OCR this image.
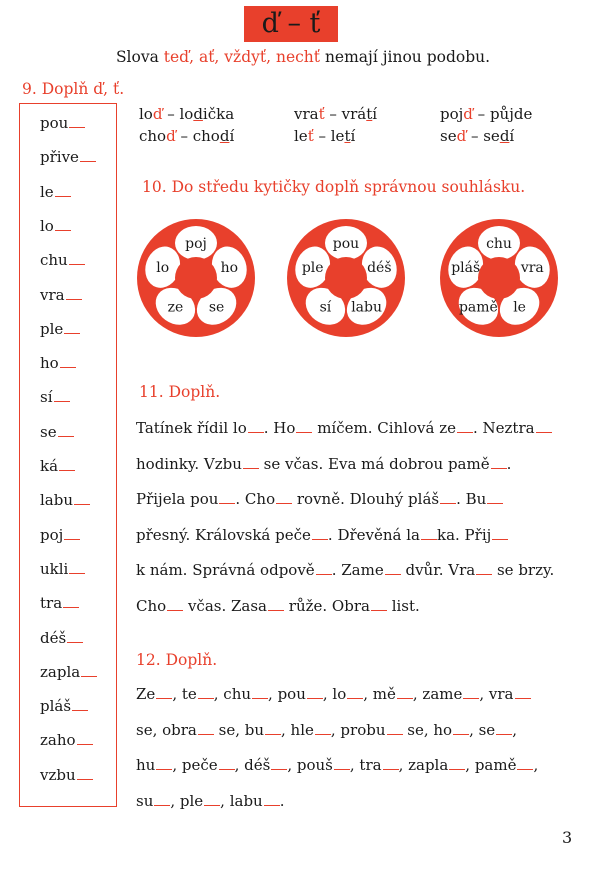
ď – ť
Slova teď, ať, vždyť, nechť nemají jinou podobu.
9. Doplň ď, ť.
pou
přive
le
lo
chu
vra
ple
ho
sí
se
ká
labu
poj
ukli
tra
déš
zapla
pláš
zaho
vzbu
loď – lodička
choď – chodí
vrať – vrátí
leť – letí
pojď – půjde
seď – sedí
10. Do středu kytičky doplň správnou souhlásku.
poj
ho
se
ze
lo
pou
déš
labu
sí
ple
chu
vra
le
pamě
pláš
11. Doplň.

Tatínek řídil lo . Ho míčem. Cihlová ze . Neztra

hodinky. Vzbu se včas. Eva má dobrou pamě .

Přijela pou . Cho rovně. Dlouhý pláš . Bu

přesný. Královská peče . Dřevěná la ka. Přij

k nám. Správná odpově . Zame dvůr. Vra se brzy.

Cho včas. Zasa růže. Obra list.

12. Doplň.

Ze , te , chu , pou , lo , mě , zame , vra

se, obra se, bu , hle , probu se, ho , se ,

hu , peče , déš , pouš , tra , zapla , pamě ,

su , ple , labu .

3
